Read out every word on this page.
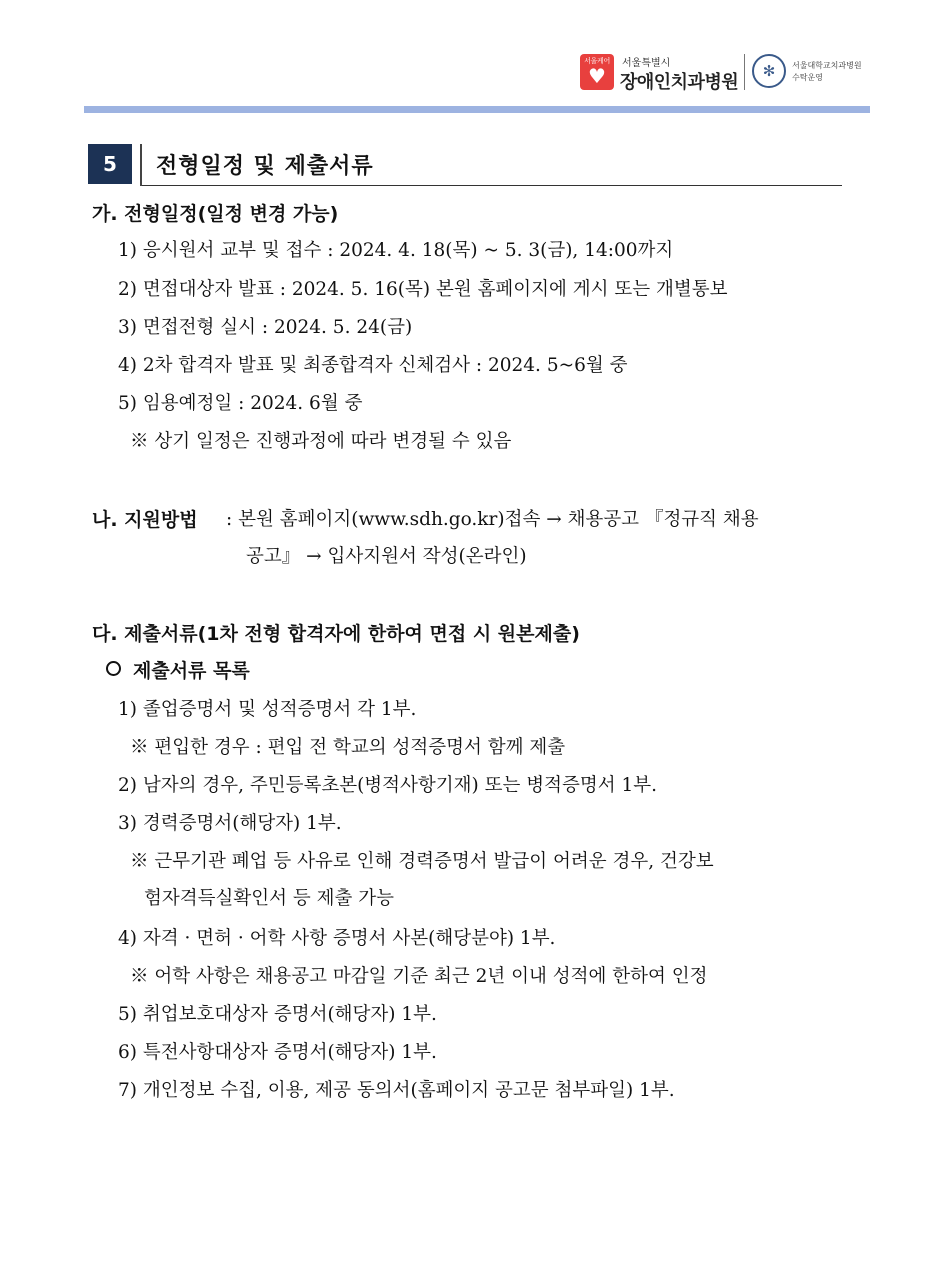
서울케어
♥
서울특별시
장애인치과병원
✻	서울대학교치과병원
수탁운영
5	전형일정 및 제출서류
가. 전형일정(일정 변경 가능)
1) 응시원서 교부 및 접수 : 2024. 4. 18(목) ~ 5. 3(금), 14:00까지
2) 면접대상자 발표 : 2024. 5. 16(목) 본원 홈페이지에 게시 또는 개별통보
3) 면접전형 실시 : 2024. 5. 24(금)
4) 2차 합격자 발표 및 최종합격자 신체검사 : 2024. 5~6월 중
5) 임용예정일 : 2024. 6월 중
※ 상기 일정은 진행과정에 따라 변경될 수 있음
나. 지원방법 : 본원 홈페이지(www.sdh.go.kr)접속 → 채용공고 『정규직 채용
공고』 → 입사지원서 작성(온라인)
다. 제출서류(1차 전형 합격자에 한하여 면접 시 원본제출)
제출서류 목록
1) 졸업증명서 및 성적증명서 각 1부.
※ 편입한 경우 : 편입 전 학교의 성적증명서 함께 제출
2) 남자의 경우, 주민등록초본(병적사항기재) 또는 병적증명서 1부.
3) 경력증명서(해당자) 1부.
※ 근무기관 폐업 등 사유로 인해 경력증명서 발급이 어려운 경우, 건강보
험자격득실확인서 등 제출 가능
4) 자격 · 면허 · 어학 사항 증명서 사본(해당분야) 1부.
※ 어학 사항은 채용공고 마감일 기준 최근 2년 이내 성적에 한하여 인정
5) 취업보호대상자 증명서(해당자) 1부.
6) 특전사항대상자 증명서(해당자) 1부.
7) 개인정보 수집, 이용, 제공 동의서(홈페이지 공고문 첨부파일) 1부.
